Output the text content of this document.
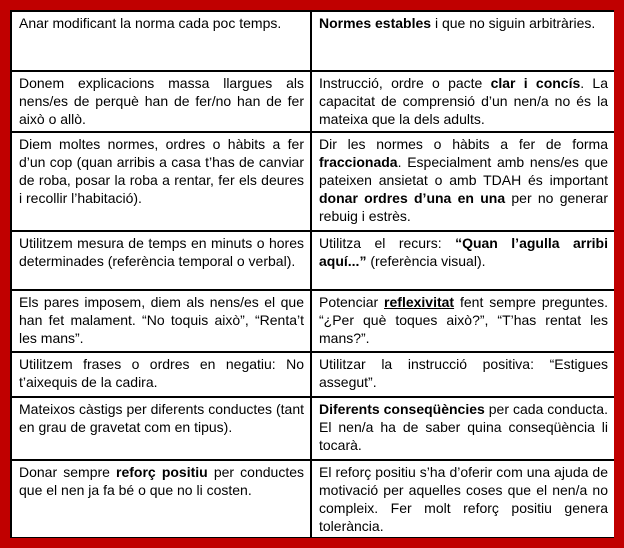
Anar modificant la norma cada poc temps.	Normes estables i que no siguin arbitràries.
Donem explicacions massa llargues als nens/es de perquè han de fer/no han de fer això o allò.	Instrucció, ordre o pacte clar i concís. La capacitat de comprensió d’un nen/a no és la mateixa que la dels adults.
Diem moltes normes, ordres o hàbits a fer d’un cop (quan arribis a casa t’has de canviar de roba, posar la roba a rentar, fer els deures i recollir l’habitació).	Dir les normes o hàbits a fer de forma fraccionada. Especialment amb nens/es que pateixen ansietat o amb TDAH és important donar ordres d’una en una per no generar rebuig i estrès.
Utilitzem mesura de temps en minuts o hores determinades (referència temporal o verbal).	Utilitza el recurs: “Quan l’agulla arribi aquí...” (referència visual).
Els pares imposem, diem als nens/es el que han fet malament. “No toquis això”, “Renta’t les mans”.	Potenciar reflexivitat fent sempre preguntes. “¿Per què toques això?”, “T’has rentat les mans?”.
Utilitzem frases o ordres en negatiu: No t’aixequis de la cadira.	Utilitzar la instrucció positiva: “Estigues assegut”.
Mateixos càstigs per diferents conductes (tant en grau de gravetat com en tipus).	Diferents conseqüències per cada conducta. El nen/a ha de saber quina conseqüència li tocarà.
Donar sempre reforç positiu per conductes que el nen ja fa bé o que no li costen.	El reforç positiu s’ha d’oferir com una ajuda de motivació per aquelles coses que el nen/a no compleix. Fer molt reforç positiu genera tolerància.
